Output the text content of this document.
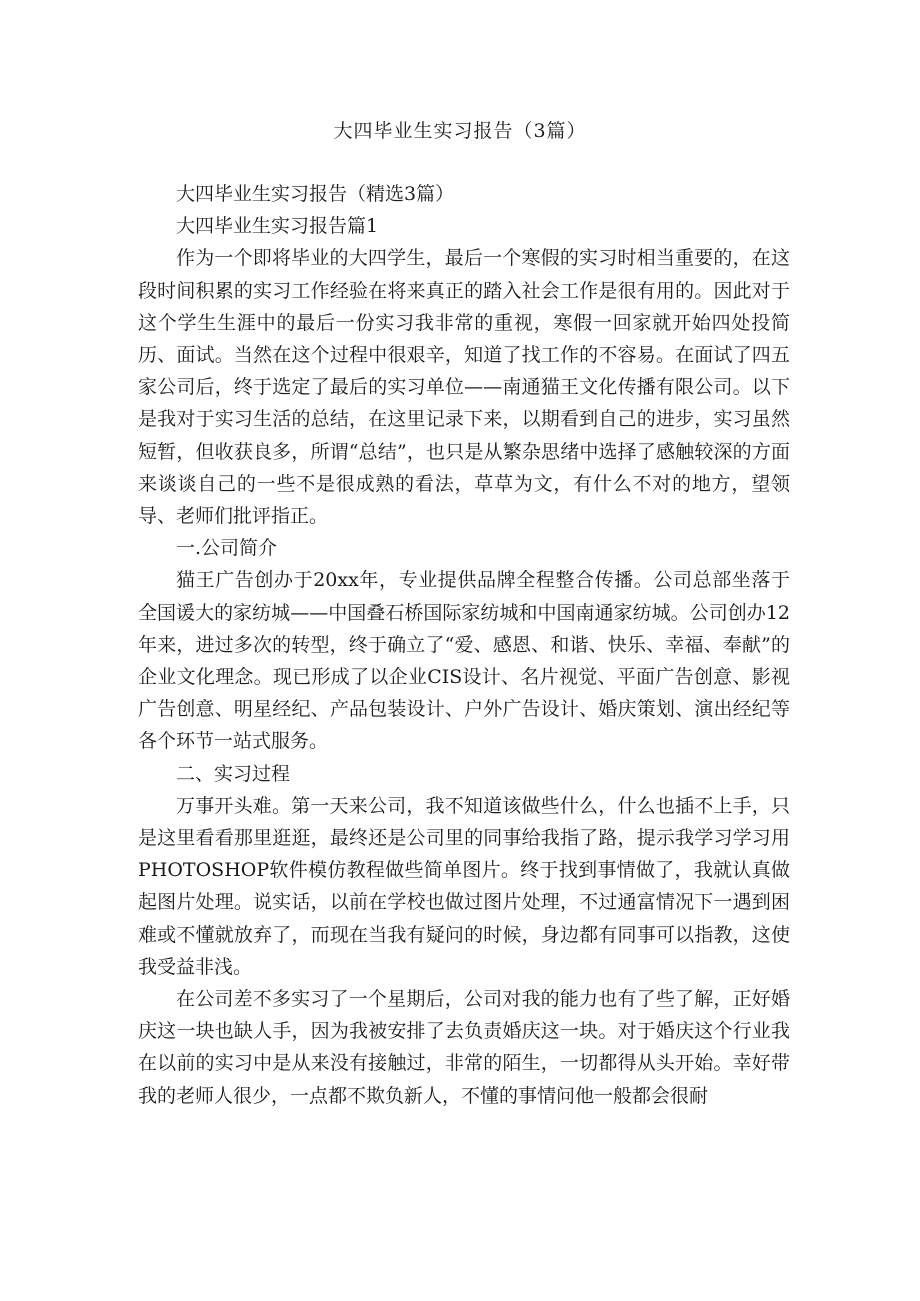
大四毕业生实习报告（3篇）

大四毕业生实习报告（精选3篇）

大四毕业生实习报告篇1

作为一个即将毕业的大四学生，最后一个寒假的实习时相当重要的，在这段时间积累的实习工作经验在将来真正的踏入社会工作是很有用的。因此对于这个学生生涯中的最后一份实习我非常的重视，寒假一回家就开始四处投简历、面试。当然在这个过程中很艰辛，知道了找工作的不容易。在面试了四五家公司后，终于选定了最后的实习单位——南通猫王文化传播有限公司。以下是我对于实习生活的总结，在这里记录下来，以期看到自己的进步，实习虽然短暂，但收获良多，所谓“总结”，也只是从繁杂思绪中选择了感触较深的方面来谈谈自己的一些不是很成熟的看法，草草为文，有什么不对的地方，望领导、老师们批评指正。

一.公司简介

猫王广告创办于20xx年，专业提供品牌全程整合传播。公司总部坐落于全国谖大的家纺城——中国叠石桥国际家纺城和中国南通家纺城。公司创办12年来，进过多次的转型，终于确立了“爱、感恩、和谐、快乐、幸福、奉献”的企业文化理念。现已形成了以企业CIS设计、名片视觉、平面广告创意、影视广告创意、明星经纪、产品包装设计、户外广告设计、婚庆策划、演出经纪等各个环节一站式服务。

二、实习过程

万事开头难。第一天来公司，我不知道该做些什么，什么也插不上手，只是这里看看那里逛逛，最终还是公司里的同事给我指了路，提示我学习学习用PHOTOSHOP软件模仿教程做些简单图片。终于找到事情做了，我就认真做起图片处理。说实话，以前在学校也做过图片处理，不过通富情况下一遇到困难或不懂就放弃了，而现在当我有疑问的时候，身边都有同事可以指教，这使我受益非浅。

在公司差不多实习了一个星期后，公司对我的能力也有了些了解，正好婚庆这一块也缺人手，因为我被安排了去负责婚庆这一块。对于婚庆这个行业我在以前的实习中是从来没有接触过，非常的陌生，一切都得从头开始。幸好带我的老师人很少，一点都不欺负新人，不懂的事情问他一般都会很耐
